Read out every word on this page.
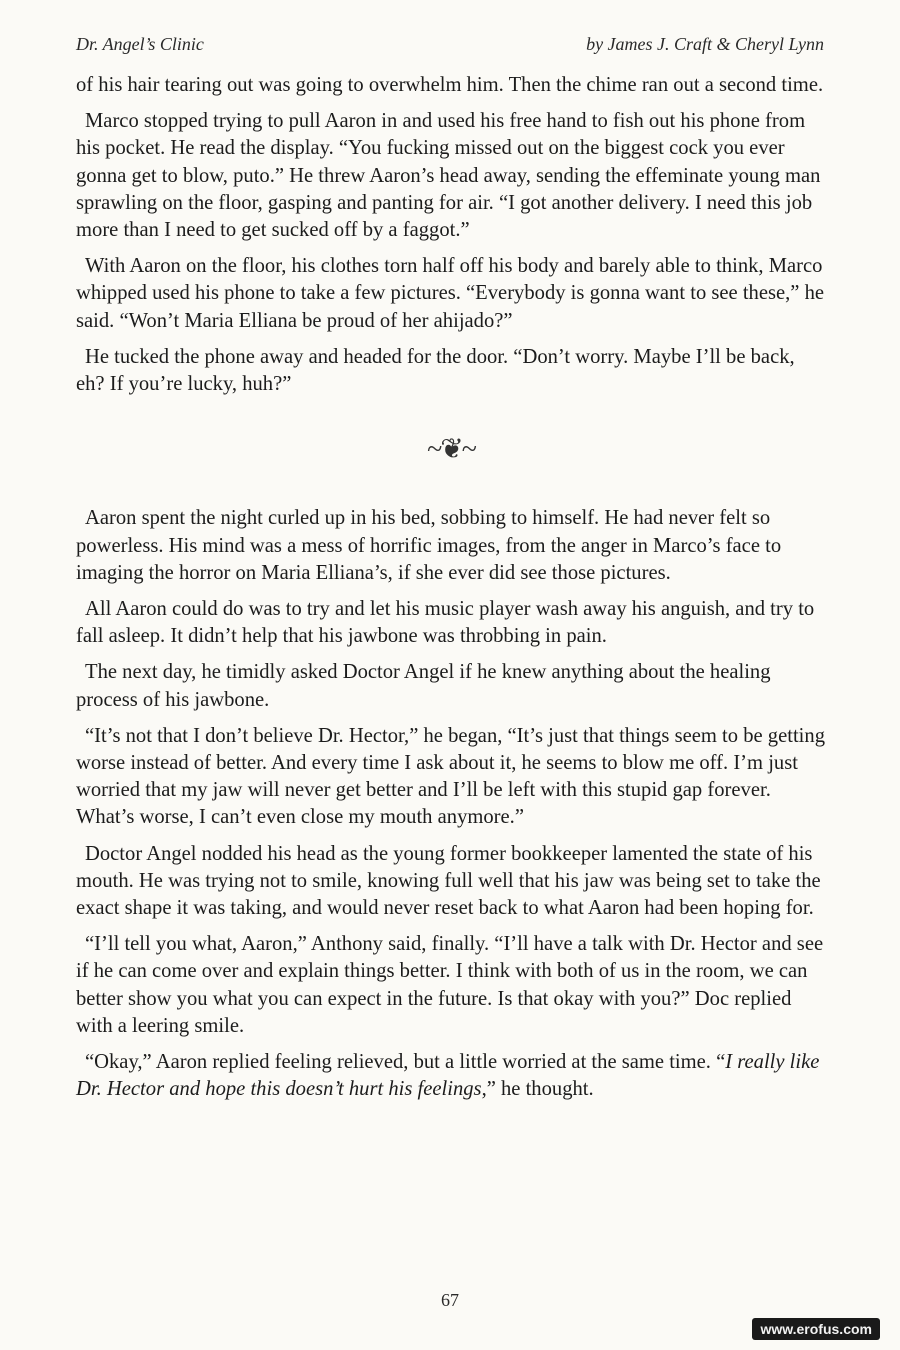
Dr. Angel’s Clinic	by James J. Craft & Cheryl Lynn

of his hair tearing out was going to overwhelm him. Then the chime ran out a second time.

Marco stopped trying to pull Aaron in and used his free hand to fish out his phone from his pocket. He read the display. “You fucking missed out on the biggest cock you ever gonna get to blow, puto.” He threw Aaron’s head away, sending the effeminate young man sprawling on the floor, gasping and panting for air. “I got another delivery. I need this job more than I need to get sucked off by a faggot.”

With Aaron on the floor, his clothes torn half off his body and barely able to think, Marco whipped used his phone to take a few pictures. “Everybody is gonna want to see these,” he said. “Won’t Maria Elliana be proud of her ahijado?”

He tucked the phone away and headed for the door. “Don’t worry. Maybe I’ll be back, eh? If you’re lucky, huh?”

~❦~

Aaron spent the night curled up in his bed, sobbing to himself. He had never felt so powerless. His mind was a mess of horrific images, from the anger in Marco’s face to imaging the horror on Maria Elliana’s, if she ever did see those pictures.

All Aaron could do was to try and let his music player wash away his anguish, and try to fall asleep. It didn’t help that his jawbone was throbbing in pain.

The next day, he timidly asked Doctor Angel if he knew anything about the healing process of his jawbone.

“It’s not that I don’t believe Dr. Hector,” he began, “It’s just that things seem to be getting worse instead of better. And every time I ask about it, he seems to blow me off. I’m just worried that my jaw will never get better and I’ll be left with this stupid gap forever. What’s worse, I can’t even close my mouth anymore.”

Doctor Angel nodded his head as the young former bookkeeper lamented the state of his mouth. He was trying not to smile, knowing full well that his jaw was being set to take the exact shape it was taking, and would never reset back to what Aaron had been hoping for.

“I’ll tell you what, Aaron,” Anthony said, finally. “I’ll have a talk with Dr. Hector and see if he can come over and explain things better. I think with both of us in the room, we can better show you what you can expect in the future. Is that okay with you?” Doc replied with a leering smile.

“Okay,” Aaron replied feeling relieved, but a little worried at the same time. “I really like Dr. Hector and hope this doesn’t hurt his feelings,” he thought.

67
www.erofus.com
